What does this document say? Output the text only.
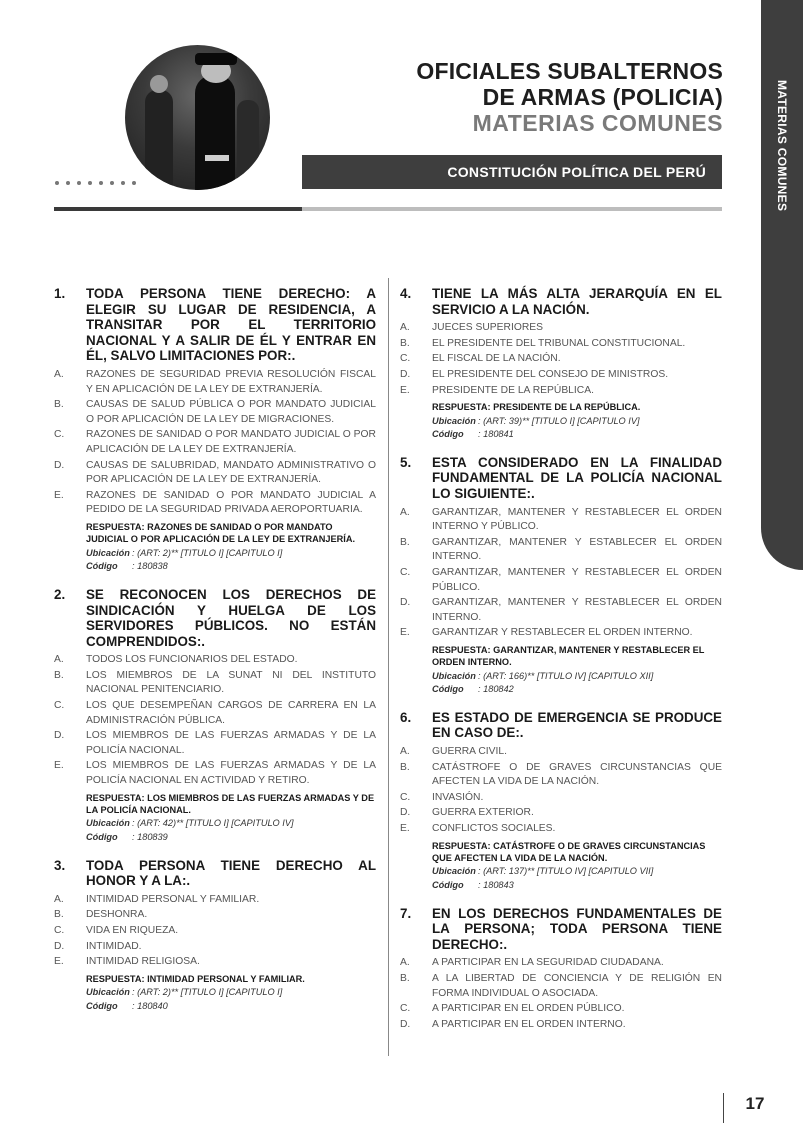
OFICIALES SUBALTERNOS
DE ARMAS (POLICIA)
MATERIAS COMUNES
CONSTITUCIÓN POLÍTICA DEL PERÚ	MATERIAS COMUNES
1.	TODA PERSONA TIENE DERECHO: A ELEGIR SU LUGAR DE RESIDENCIA, A TRANSITAR POR EL TERRITORIO NACIONAL Y A SALIR DE ÉL Y ENTRAR EN ÉL, SALVO LIMITACIONES POR:.
A.	RAZONES DE SEGURIDAD PREVIA RESOLUCIÓN FISCAL Y EN APLICACIÓN DE LA LEY DE EXTRANJERÍA.
B.	CAUSAS DE SALUD PÚBLICA O POR MANDATO JUDICIAL O POR APLICACIÓN DE LA LEY DE MIGRACIONES.
C.	RAZONES DE SANIDAD O POR MANDATO JUDICIAL O POR APLICACIÓN DE LA LEY DE EXTRANJERÍA.
D.	CAUSAS DE SALUBRIDAD, MANDATO ADMINISTRATIVO O POR APLICACIÓN DE LA LEY DE EXTRANJERÍA.
E.	RAZONES DE SANIDAD O POR MANDATO JUDICIAL A PEDIDO DE LA SEGURIDAD PRIVADA AEROPORTUARIA.
RESPUESTA: RAZONES DE SANIDAD O POR MANDATO JUDICIAL O POR APLICACIÓN DE LA LEY DE EXTRANJERÍA.
Ubicación : (ART: 2)** [TITULO I] [CAPITULO I]
Código : 180838
2.	SE RECONOCEN LOS DERECHOS DE SINDICACIÓN Y HUELGA DE LOS SERVIDORES PÚBLICOS. NO ESTÁN COMPRENDIDOS:.
A.	TODOS LOS FUNCIONARIOS DEL ESTADO.
B.	LOS MIEMBROS DE LA SUNAT NI DEL INSTITUTO NACIONAL PENITENCIARIO.
C.	LOS QUE DESEMPEÑAN CARGOS DE CARRERA EN LA ADMINISTRACIÓN PÚBLICA.
D.	LOS MIEMBROS DE LAS FUERZAS ARMADAS Y DE LA POLICÍA NACIONAL.
E.	LOS MIEMBROS DE LAS FUERZAS ARMADAS Y DE LA POLICÍA NACIONAL EN ACTIVIDAD Y RETIRO.
RESPUESTA: LOS MIEMBROS DE LAS FUERZAS ARMADAS Y DE LA POLICÍA NACIONAL.
Ubicación : (ART: 42)** [TITULO I] [CAPITULO IV]
Código : 180839
3.	TODA PERSONA TIENE DERECHO AL HONOR Y A LA:.
A.	INTIMIDAD PERSONAL Y FAMILIAR.
B.	DESHONRA.
C.	VIDA EN RIQUEZA.
D.	INTIMIDAD.
E.	INTIMIDAD RELIGIOSA.
RESPUESTA: INTIMIDAD PERSONAL Y FAMILIAR.
Ubicación : (ART: 2)** [TITULO I] [CAPITULO I]
Código : 180840
4.	TIENE LA MÁS ALTA JERARQUÍA EN EL SERVICIO A LA NACIÓN.
A.	JUECES SUPERIORES
B.	EL PRESIDENTE DEL TRIBUNAL CONSTITUCIONAL.
C.	EL FISCAL DE LA NACIÓN.
D.	EL PRESIDENTE DEL CONSEJO DE MINISTROS.
E.	PRESIDENTE DE LA REPÚBLICA.
RESPUESTA: PRESIDENTE DE LA REPÚBLICA.
Ubicación : (ART: 39)** [TITULO I] [CAPITULO IV]
Código : 180841
5.	ESTA CONSIDERADO EN LA FINALIDAD FUNDAMENTAL DE LA POLICÍA NACIONAL LO SIGUIENTE:.
A.	GARANTIZAR, MANTENER Y RESTABLECER EL ORDEN INTERNO Y PÚBLICO.
B.	GARANTIZAR, MANTENER Y ESTABLECER EL ORDEN INTERNO.
C.	GARANTIZAR, MANTENER Y RESTABLECER EL ORDEN PÚBLICO.
D.	GARANTIZAR, MANTENER Y RESTABLECER EL ORDEN INTERNO.
E.	GARANTIZAR Y RESTABLECER EL ORDEN INTERNO.
RESPUESTA: GARANTIZAR, MANTENER Y RESTABLECER EL ORDEN INTERNO.
Ubicación : (ART: 166)** [TITULO IV] [CAPITULO XII]
Código : 180842
6.	ES ESTADO DE EMERGENCIA SE PRODUCE EN CASO DE:.
A.	GUERRA CIVIL.
B.	CATÁSTROFE O DE GRAVES CIRCUNSTANCIAS QUE AFECTEN LA VIDA DE LA NACIÓN.
C.	INVASIÓN.
D.	GUERRA EXTERIOR.
E.	CONFLICTOS SOCIALES.
RESPUESTA: CATÁSTROFE O DE GRAVES CIRCUNSTANCIAS QUE AFECTEN LA VIDA DE LA NACIÓN.
Ubicación : (ART: 137)** [TITULO IV] [CAPITULO VII]
Código : 180843
7.	EN LOS DERECHOS FUNDAMENTALES DE LA PERSONA; TODA PERSONA TIENE DERECHO:.
A.	A PARTICIPAR EN LA SEGURIDAD CIUDADANA.
B.	A LA LIBERTAD DE CONCIENCIA Y DE RELIGIÓN EN FORMA INDIVIDUAL O ASOCIADA.
C.	A PARTICIPAR EN EL ORDEN PÚBLICO.
D.	A PARTICIPAR EN EL ORDEN INTERNO.
17
